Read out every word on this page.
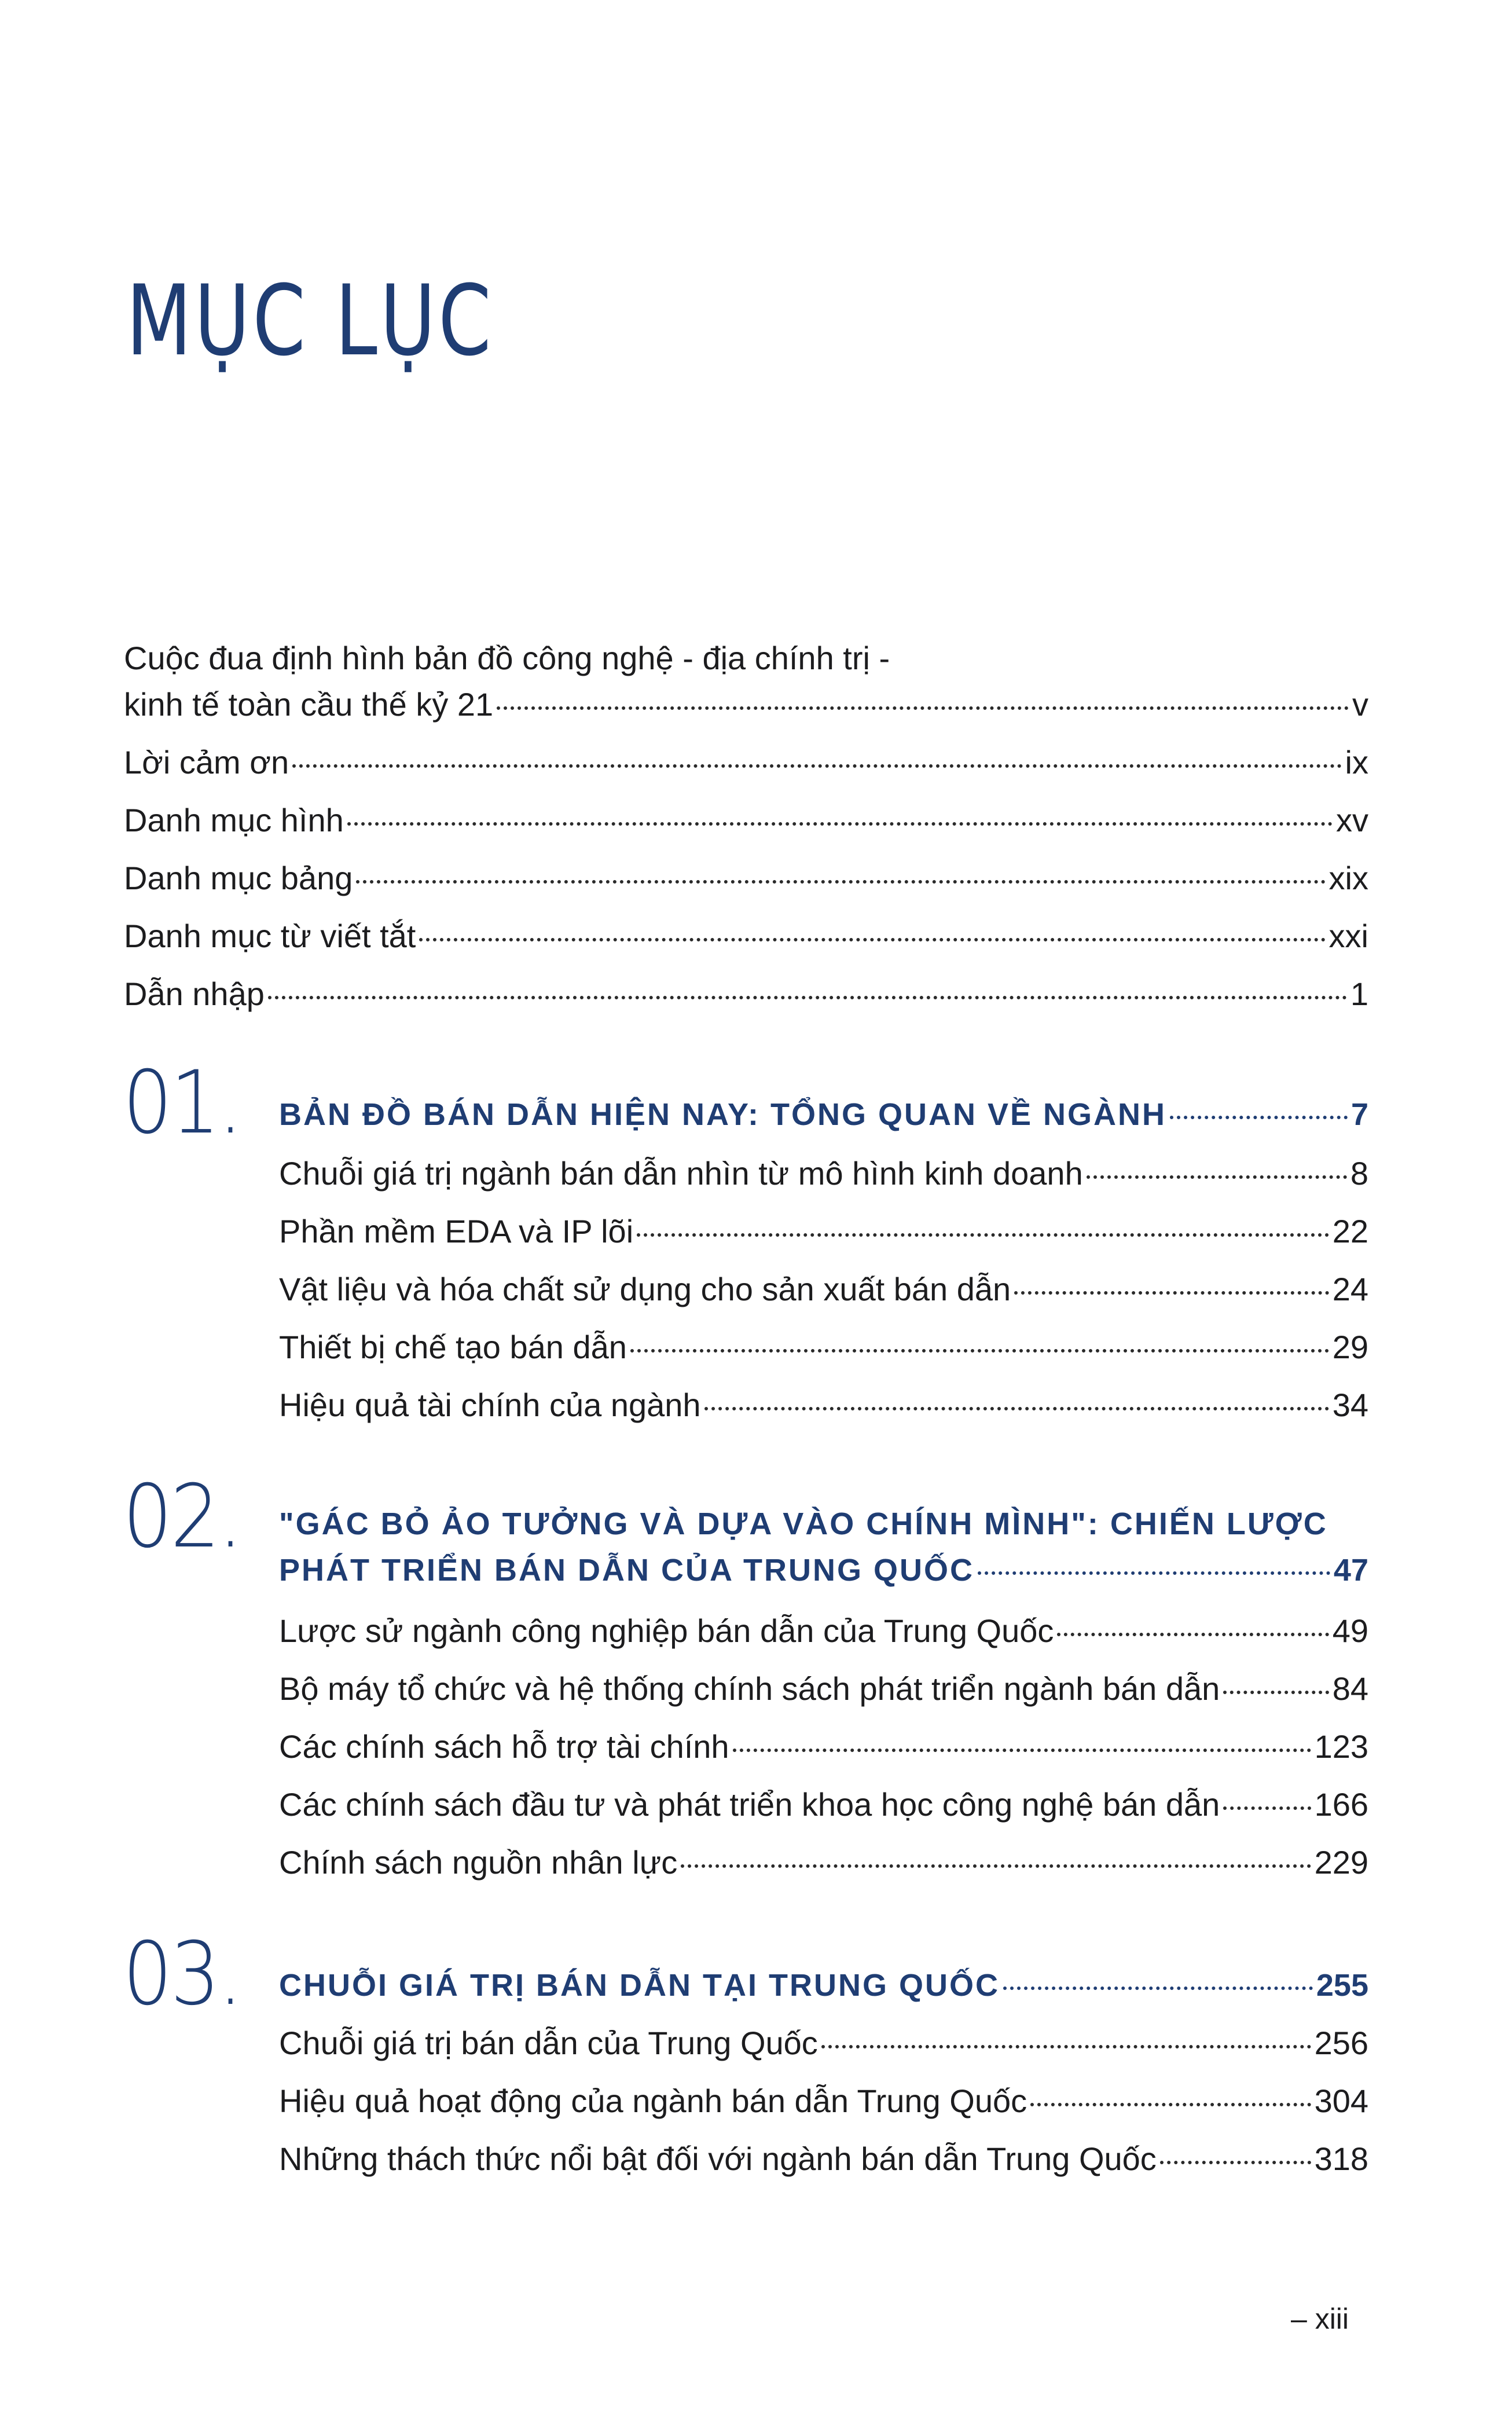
MỤC LỤC
Cuộc đua định hình bản đồ công nghệ - địa chính trị -
kinh tế toàn cầu thế kỷ 21	v
Lời cảm ơn	ix
Danh mục hình	xv
Danh mục bảng	xix
Danh mục từ viết tắt	xxi
Dẫn nhập	1
01. BẢN ĐỒ BÁN DẪN HIỆN NAY: TỔNG QUAN VỀ NGÀNH	7
Chuỗi giá trị ngành bán dẫn nhìn từ mô hình kinh doanh	8
Phần mềm EDA và IP lõi	22
Vật liệu và hóa chất sử dụng cho sản xuất bán dẫn	24
Thiết bị chế tạo bán dẫn	29
Hiệu quả tài chính của ngành	34
02. "GÁC BỎ ẢO TƯỞNG VÀ DỰA VÀO CHÍNH MÌNH": CHIẾN LƯỢC
PHÁT TRIỂN BÁN DẪN CỦA TRUNG QUỐC	47
Lược sử ngành công nghiệp bán dẫn của Trung Quốc	49
Bộ máy tổ chức và hệ thống chính sách phát triển ngành bán dẫn	84
Các chính sách hỗ trợ tài chính	123
Các chính sách đầu tư và phát triển khoa học công nghệ bán dẫn	166
Chính sách nguồn nhân lực	229
03. CHUỖI GIÁ TRỊ BÁN DẪN TẠI TRUNG QUỐC	255
Chuỗi giá trị bán dẫn của Trung Quốc	256
Hiệu quả hoạt động của ngành bán dẫn Trung Quốc	304
Những thách thức nổi bật đối với ngành bán dẫn Trung Quốc	318
– xiii
